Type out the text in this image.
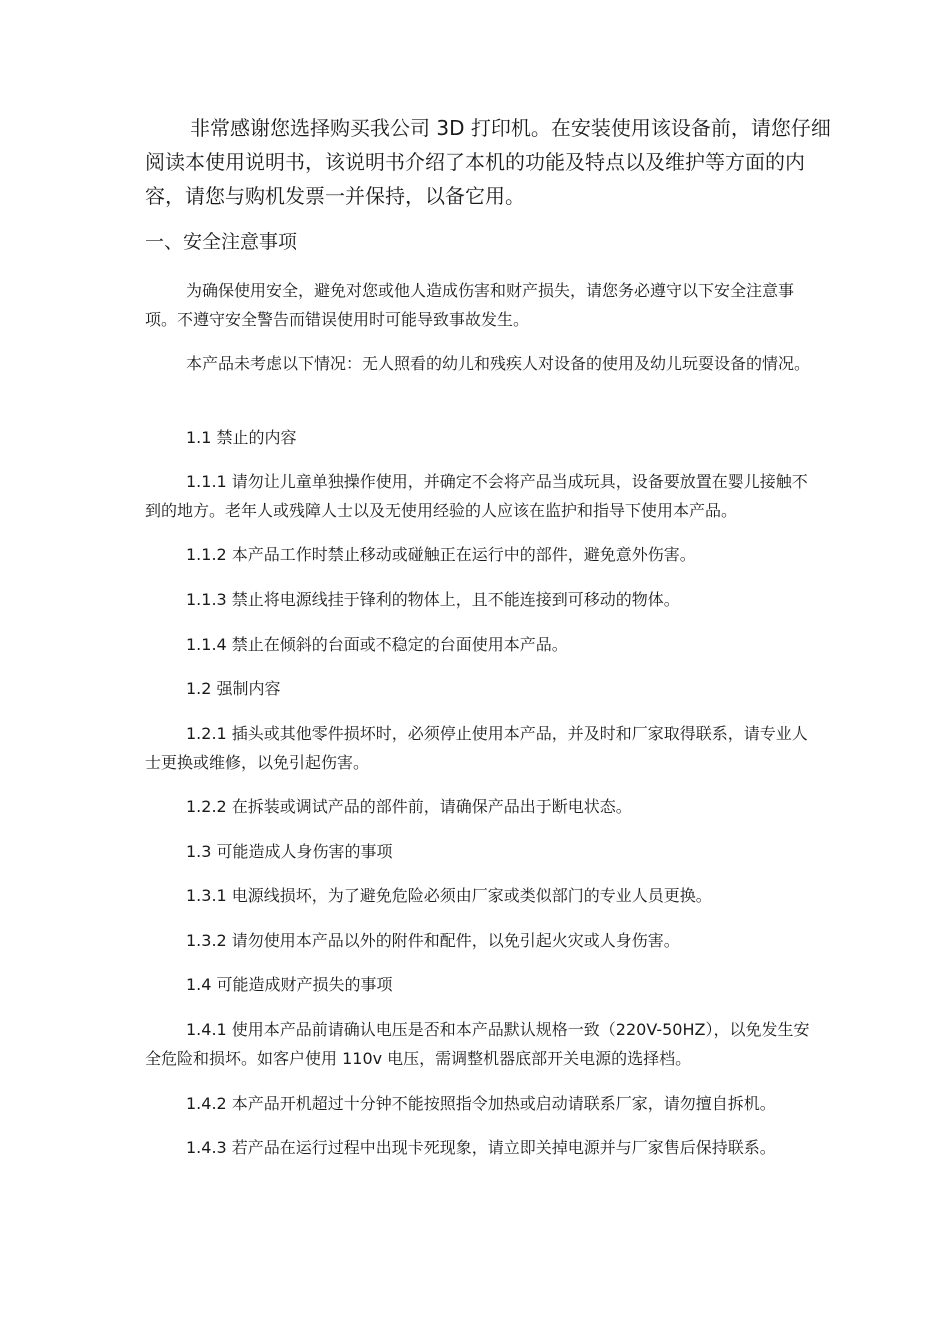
非常感谢您选择购买我公司 3D 打印机。在安装使用该设备前，请您仔细阅读本使用说明书，该说明书介绍了本机的功能及特点以及维护等方面的内容，请您与购机发票一并保持，以备它用。

一、安全注意事项

为确保使用安全，避免对您或他人造成伤害和财产损失，请您务必遵守以下安全注意事项。不遵守安全警告而错误使用时可能导致事故发生。

本产品未考虑以下情况：无人照看的幼儿和残疾人对设备的使用及幼儿玩耍设备的情况。

1.1 禁止的内容

1.1.1 请勿让儿童单独操作使用，并确定不会将产品当成玩具，设备要放置在婴儿接触不到的地方。老年人或残障人士以及无使用经验的人应该在监护和指导下使用本产品。

1.1.2 本产品工作时禁止移动或碰触正在运行中的部件，避免意外伤害。

1.1.3 禁止将电源线挂于锋利的物体上，且不能连接到可移动的物体。

1.1.4 禁止在倾斜的台面或不稳定的台面使用本产品。

1.2 强制内容

1.2.1 插头或其他零件损坏时，必须停止使用本产品，并及时和厂家取得联系，请专业人士更换或维修，以免引起伤害。

1.2.2 在拆装或调试产品的部件前，请确保产品出于断电状态。

1.3 可能造成人身伤害的事项

1.3.1 电源线损坏，为了避免危险必须由厂家或类似部门的专业人员更换。

1.3.2 请勿使用本产品以外的附件和配件，以免引起火灾或人身伤害。

1.4 可能造成财产损失的事项

1.4.1 使用本产品前请确认电压是否和本产品默认规格一致（220V-50HZ），以免发生安全危险和损坏。如客户使用 110v 电压，需调整机器底部开关电源的选择档。

1.4.2 本产品开机超过十分钟不能按照指令加热或启动请联系厂家，请勿擅自拆机。

1.4.3 若产品在运行过程中出现卡死现象，请立即关掉电源并与厂家售后保持联系。
